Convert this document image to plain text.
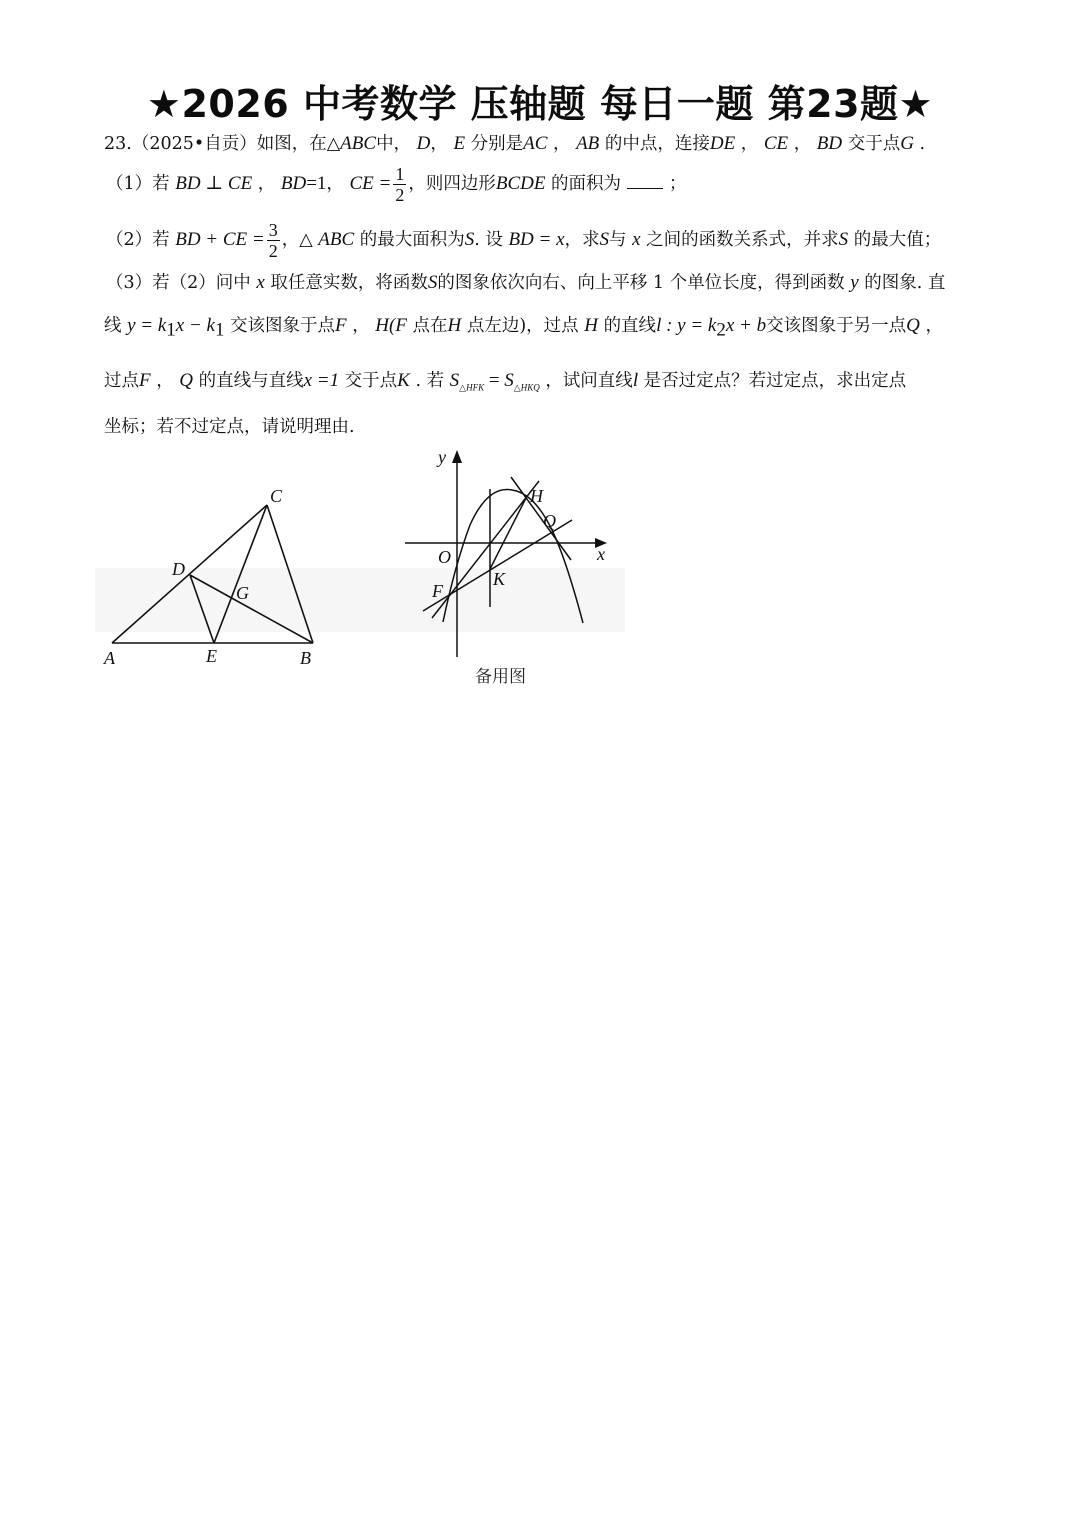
★2026 中考数学 压轴题 每日一题 第23题★
23.（2025•自贡）如图，在△ABC中， D， E 分别是AC ， AB 的中点，连接DE ， CE ， BD 交于点G .
（1）若 BD ⊥ CE ， BD=1， CE = $\frac{1}{2}$ ，则四边形BCDE 的面积为	；
（2）若 BD + CE = $\frac{3}{2}$ ，△ ABC 的最大面积为S. 设 BD = x，求S与 x 之间的函数关系式，并求S 的最大值；
（3）若（2）问中 x 取任意实数，将函数S的图象依次向右、向上平移 1 个单位长度，得到函数 y 的图象. 直
线 $y = k_1x - k_1$ 交该图象于点F ， H(F 点在H 点左边)，过点 H 的直线l : $y = k_2x + b$交该图象于另一点Q ，
过点F ， Q 的直线与直线x =1 交于点K . 若 $S_{\triangle HFK} = S_{\triangle HKQ}$ ，试问直线l 是否过定点？若过定点，求出定点
坐标；若不过定点，请说明理由.
A	E	B
C
D
G
y
x
O
F
K
H
Q
备用图
